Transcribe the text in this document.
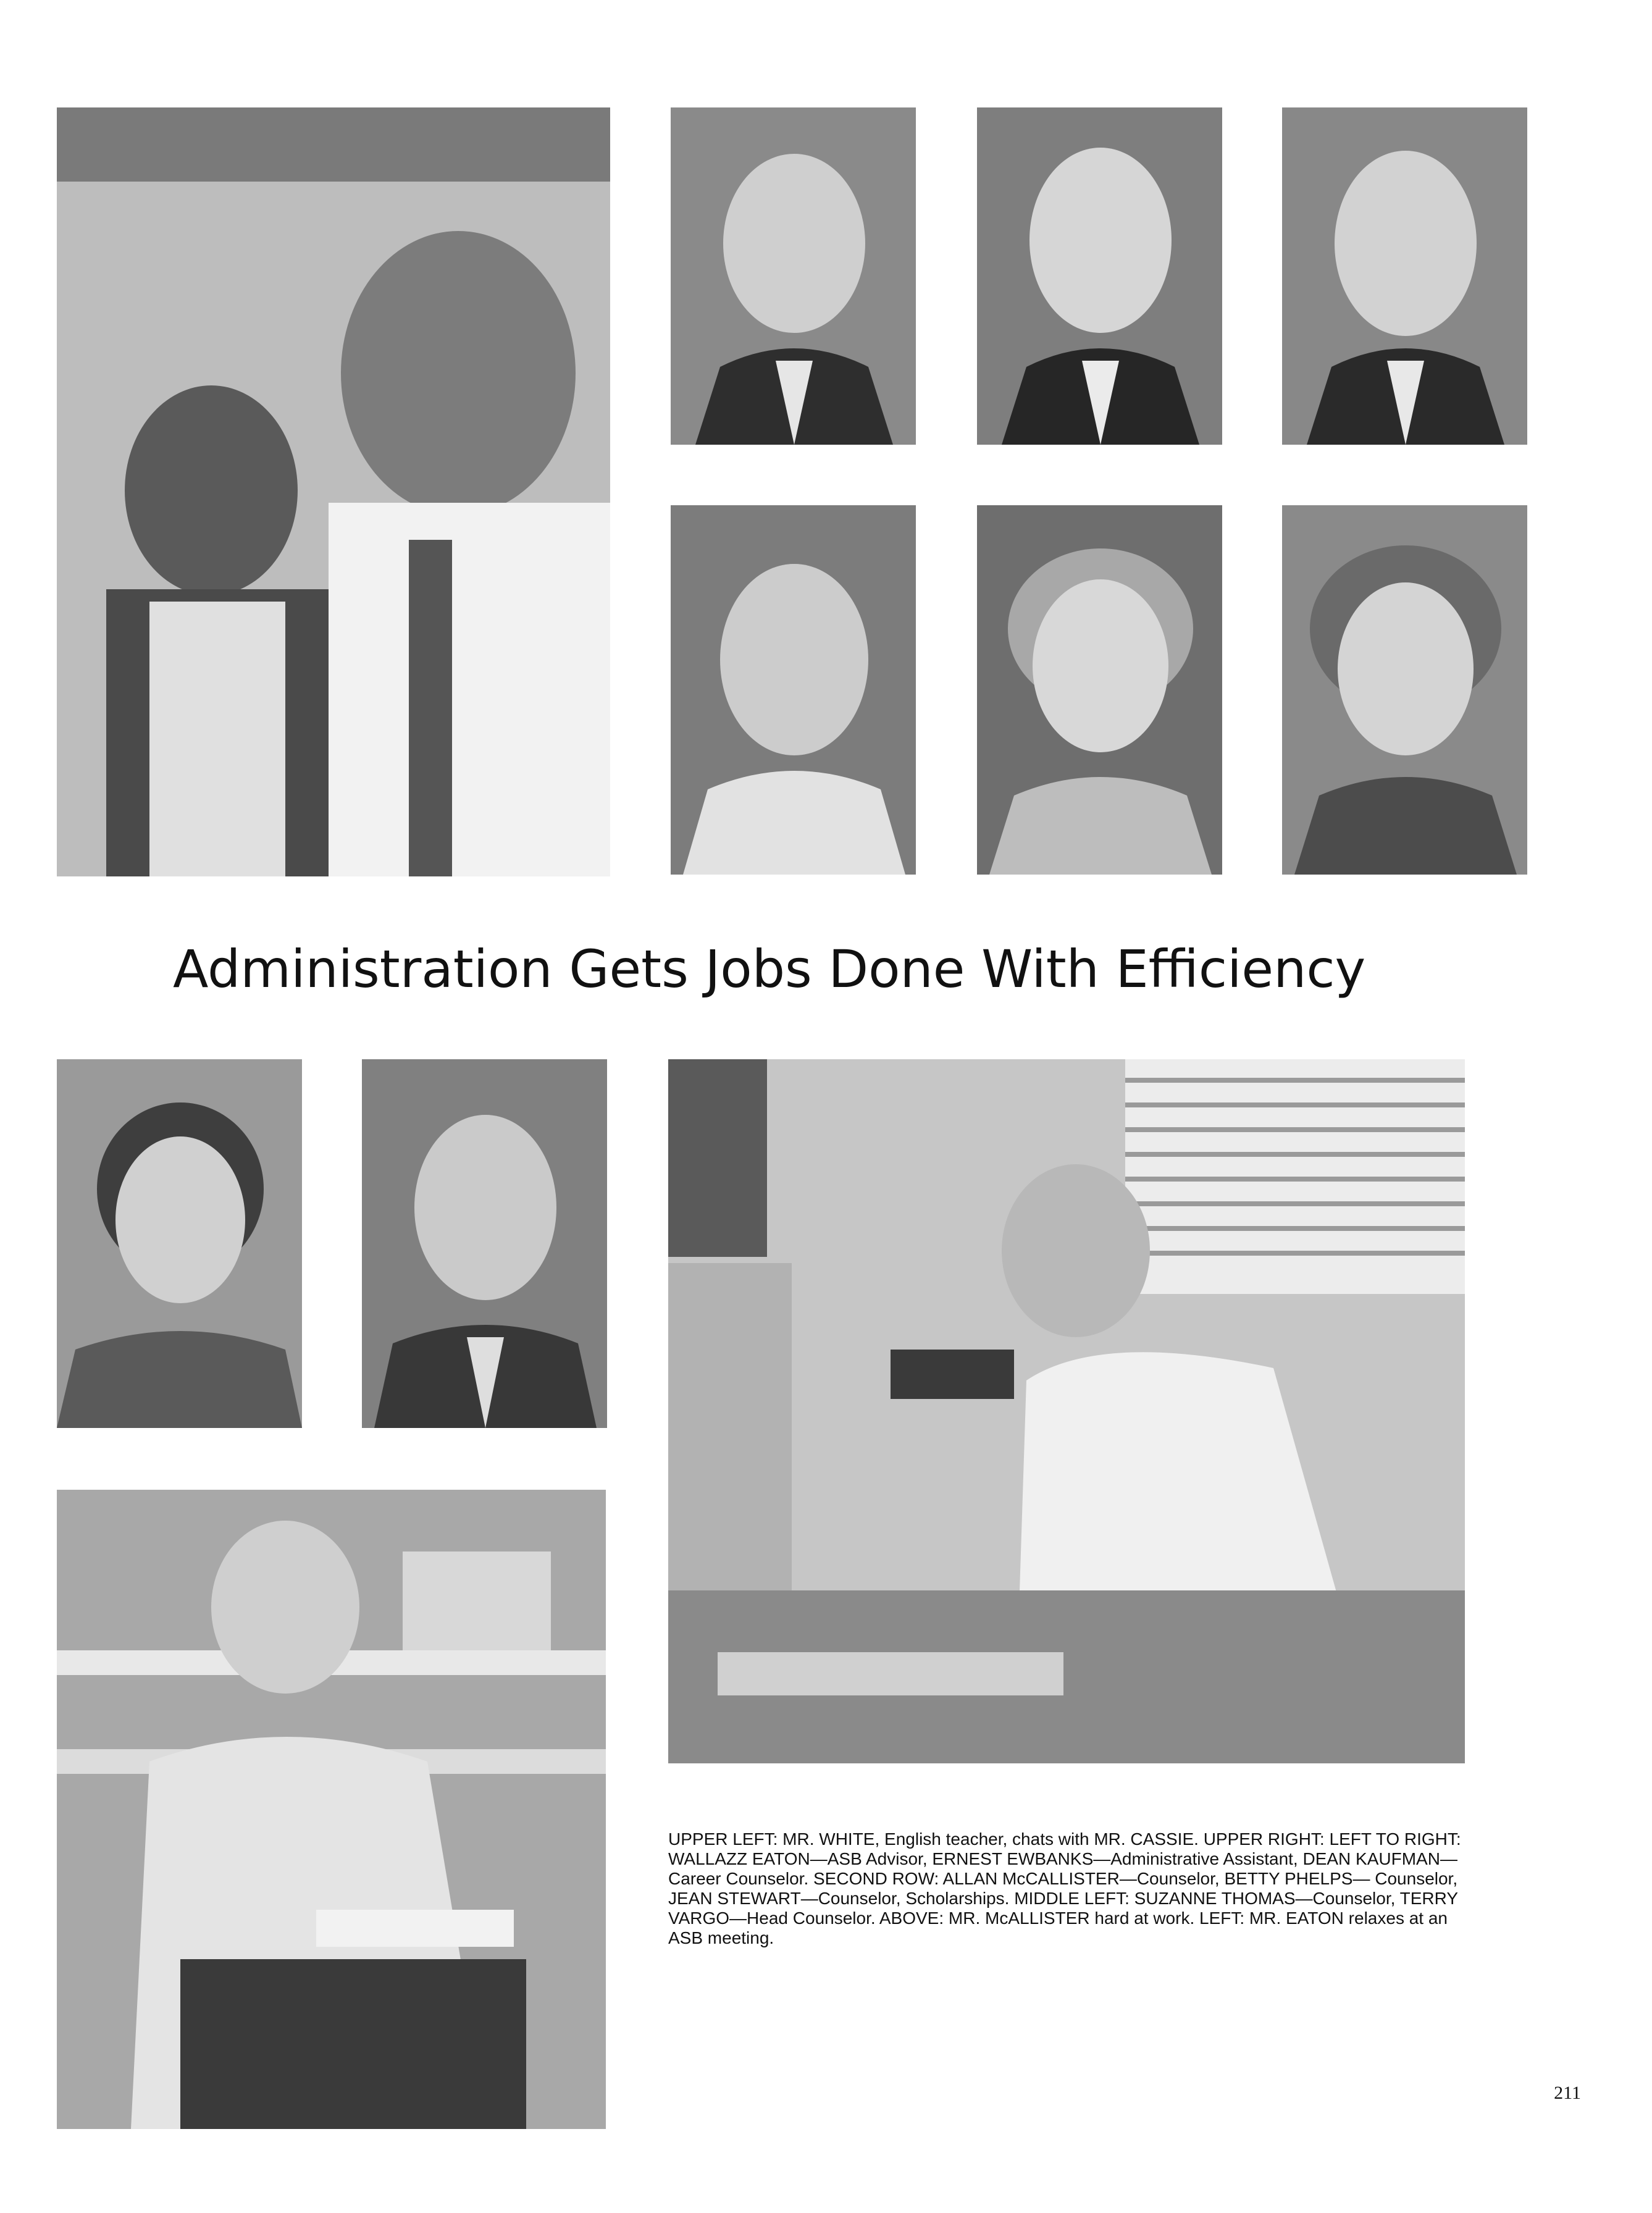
Administration Gets Jobs Done With Efficiency

UPPER LEFT: MR. WHITE, English teacher, chats with MR. CASSIE. UPPER RIGHT: LEFT TO RIGHT: WALLAZZ EATON—ASB Advisor, ERNEST EWBANKS—Administrative Assistant, DEAN KAUFMAN—Career Counselor. SECOND ROW: ALLAN McCALLISTER—Counselor, BETTY PHELPS— Counselor, JEAN STEWART—Counselor, Scholarships. MIDDLE LEFT: SUZANNE THOMAS—Counselor, TERRY VARGO—Head Counselor. ABOVE: MR. McALLISTER hard at work. LEFT: MR. EATON relaxes at an ASB meeting.

211
